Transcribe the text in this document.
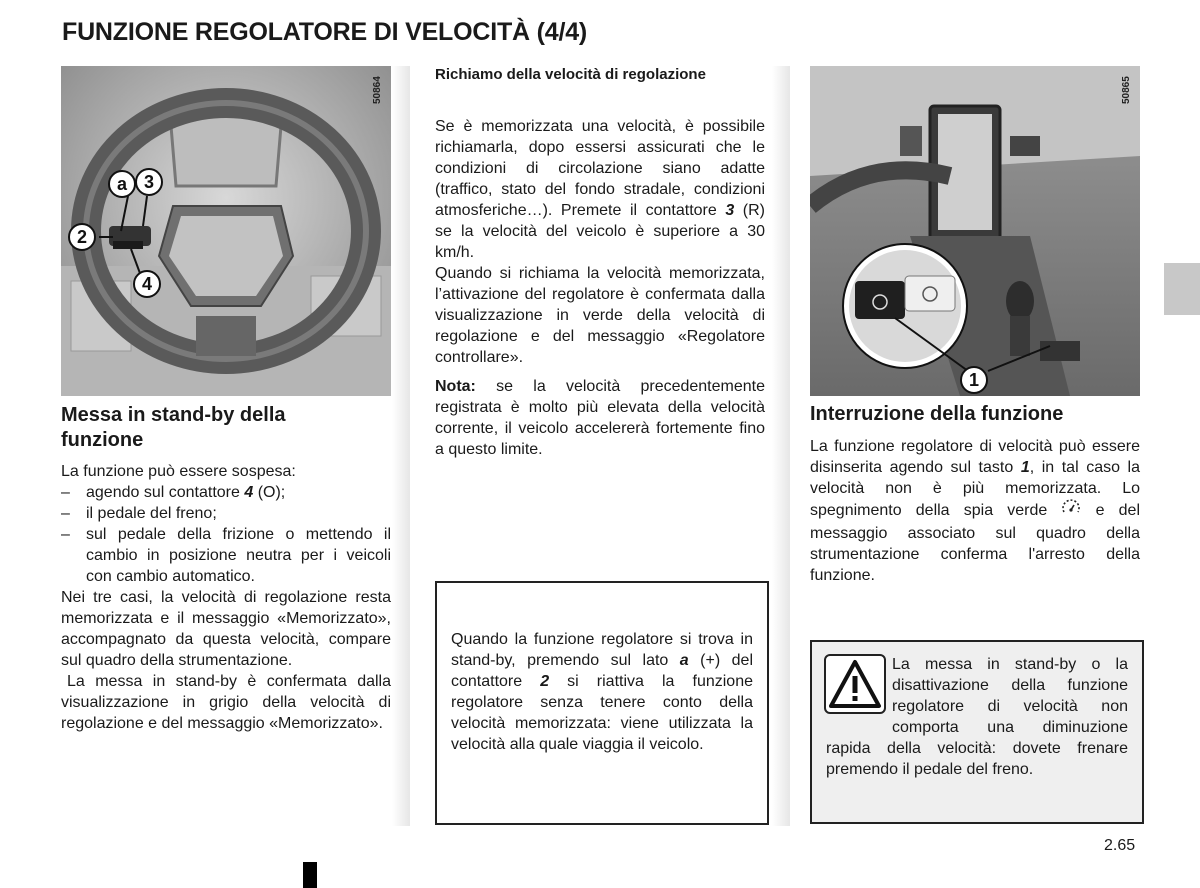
FUNZIONE REGOLATORE DI VELOCITÀ (4/4)
50864
a 3
2
4
Messa in stand-by della funzione

La funzione può essere sospesa:

– agendo sul contattore 4 (O);
– il pedale del freno;
– sul pedale della frizione o mettendo il cambio in posizione neutra per i veicoli con cambio automatico.

Nei tre casi, la velocità di regolazione resta memorizzata e il messaggio «Memorizzato», accompagnato da questa velocità, compare sul quadro della strumentazione.

La messa in stand-by è confermata dalla visualizzazione in grigio della velocità di regolazione e del messaggio «Memorizzato».

Richiamo della velocità di regolazione

Se è memorizzata una velocità, è possibile richiamarla, dopo essersi assicurati che le condizioni di circolazione siano adatte (traffico, stato del fondo stradale, condizioni atmosferiche…). Premete il contattore 3 (R) se la velocità del veicolo è superiore a 30 km/h.

Quando si richiama la velocità memorizzata, l’attivazione del regolatore è confermata dalla visualizzazione in verde della velocità di regolazione e del messaggio «Regolatore controllare».

Nota: se la velocità precedentemente registrata è molto più elevata della velocità corrente, il veicolo accelererà fortemente fino a questo limite.

Quando la funzione regolatore si trova in stand-by, premendo sul lato a (+) del contattore 2 si riattiva la funzione regolatore senza tenere conto della velocità memorizzata: viene utilizzata la velocità alla quale viaggia il veicolo.
50865
1
Interruzione della funzione
La funzione regolatore di velocità può essere disinserita agendo sul tasto 1, in tal caso la velocità non è più memorizzata. Lo spegnimento della spia verde  e del messaggio associato sul quadro della strumentazione conferma l'arresto della funzione.
La messa in stand-by o la disattivazione della funzione regolatore di velocità non comporta una diminuzione rapida della velocità: dovete frenare premendo il pedale del freno.
2.65
